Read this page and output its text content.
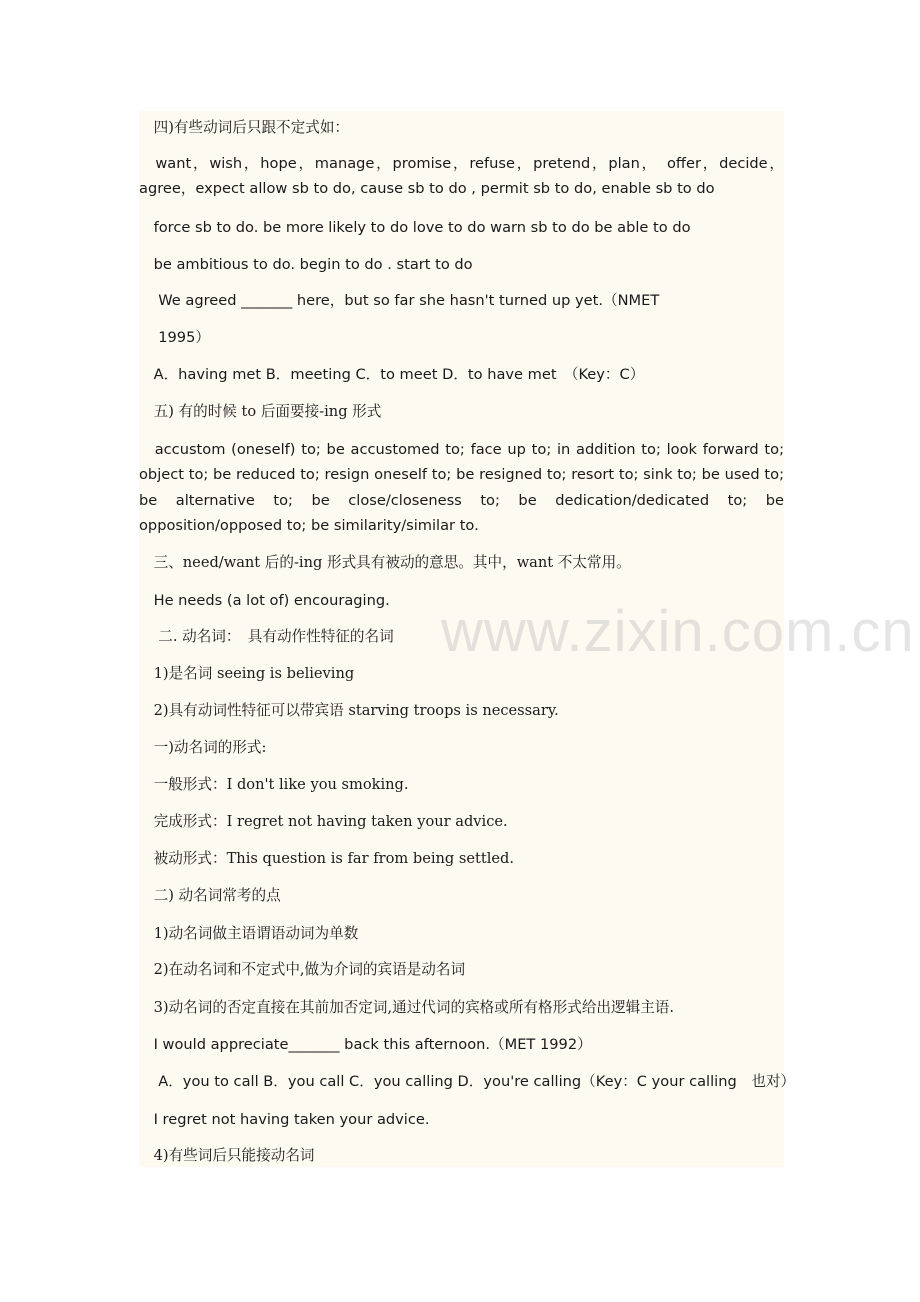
　四)有些动词后只跟不定式如：

　want，wish，hope，manage，promise，refuse，pretend，plan，　offer，decide，agree，expect allow sb to do, cause sb to do , permit sb to do, enable sb to do

　force sb to do. be more likely to do love to do warn sb to do be able to do

　be ambitious to do. begin to do . start to do

　 We agreed _______ here，but so far she hasn't turned up yet.（NMET

　 1995）

　A．having met B．meeting C．to meet D．to have met　（Key：C）

　五) 有的时候 to 后面要接-ing 形式

　accustom (oneself) to; be accustomed to; face up to; in addition to; look forward to; object to; be reduced to; resign oneself to; be resigned to; resort to; sink to; be used to; be alternative to; be close/closeness to; be dedication/dedicated to; be opposition/opposed to; be similarity/similar to.

　三、need/want 后的-ing 形式具有被动的意思。其中，want 不太常用。

　He needs (a lot of) encouraging.

　 二. 动名词：　具有动作性特征的名词

　1)是名词 seeing is believing

　2)具有动词性特征可以带宾语 starving troops is necessary.

　一)动名词的形式:

　一般形式：I don't like you smoking.

　完成形式：I regret not having taken your advice.

　被动形式：This question is far from being settled.

　二) 动名词常考的点

　1)动名词做主语谓语动词为单数

　2)在动名词和不定式中,做为介词的宾语是动名词

　3)动名词的否定直接在其前加否定词,通过代词的宾格或所有格形式给出逻辑主语.

　I would appreciate_______ back this afternoon.（MET 1992）

　 A．you to call B．you call C．you calling D．you're calling（Key：C your calling　也对）

　I regret not having taken your advice.

　4)有些词后只能接动名词

www.zixin.com.cn
